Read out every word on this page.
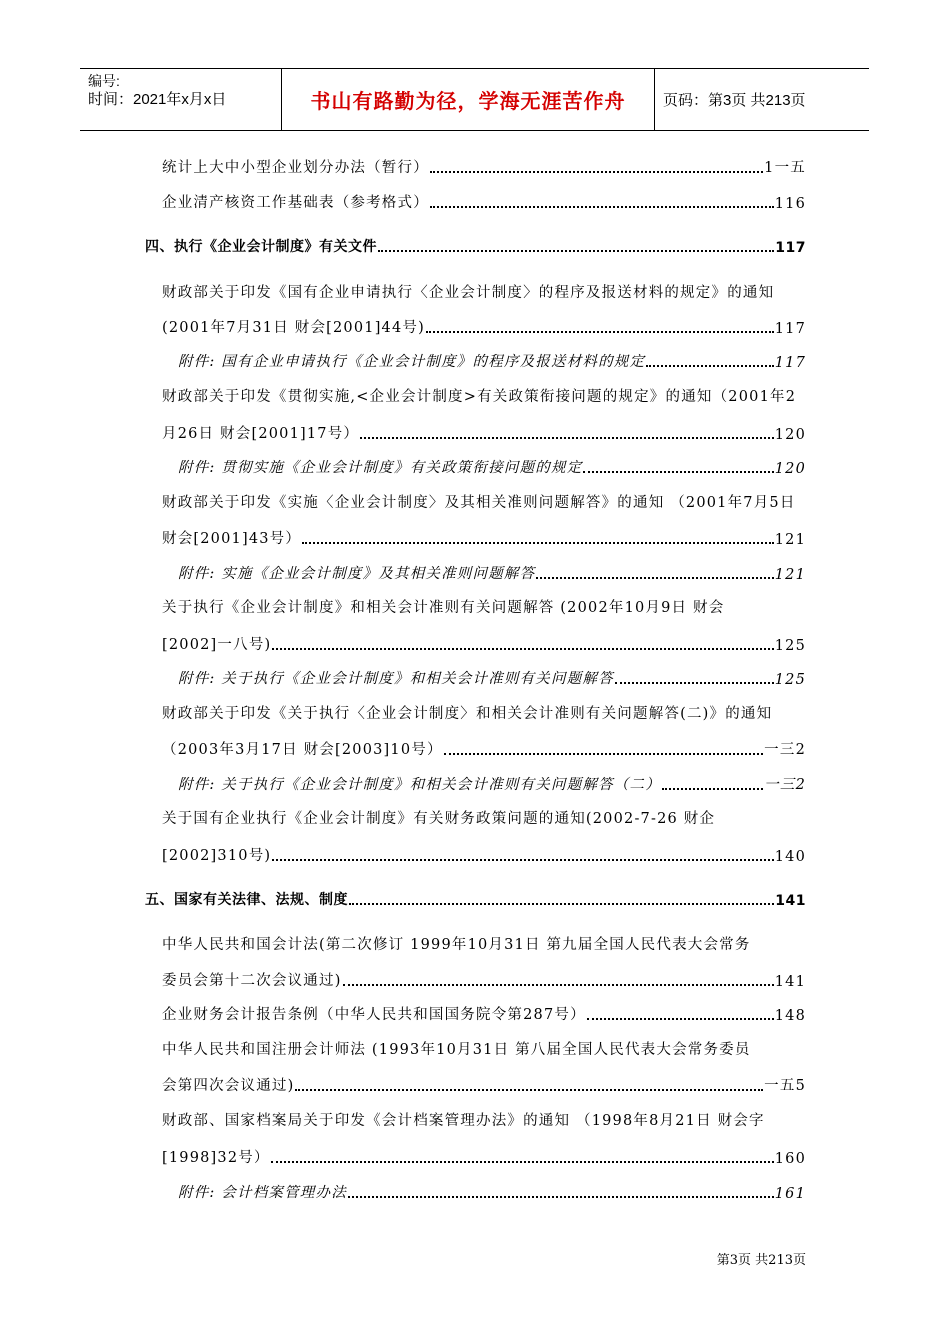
编号:
时间：2021年x月x日	书山有路勤为径，学海无涯苦作舟	页码：第3页 共213页
统计上大中小型企业划分办法（暂行）	1一五
企业清产核资工作基础表（参考格式）	116
四、执行《企业会计制度》有关文件	117
财政部关于印发《国有企业申请执行〈企业会计制度〉的程序及报送材料的规定》的通知
(2001年7月31日 财会[2001]44号)	117
附件: 国有企业申请执行《企业会计制度》的程序及报送材料的规定	117
财政部关于印发《贯彻实施,<企业会计制度>有关政策衔接问题的规定》的通知（2001年2
月26日 财会[2001]17号）	120
附件: 贯彻实施《企业会计制度》有关政策衔接问题的规定	120
财政部关于印发《实施〈企业会计制度〉及其相关准则问题解答》的通知 （2001年7月5日
财会[2001]43号）	121
附件: 实施《企业会计制度》及其相关准则问题解答	121
关于执行《企业会计制度》和相关会计准则有关问题解答 (2002年10月9日 财会
[2002]一八号)	125
附件: 关于执行《企业会计制度》和相关会计准则有关问题解答	125
财政部关于印发《关于执行〈企业会计制度〉和相关会计准则有关问题解答(二)》的通知
（2003年3月17日 财会[2003]10号）	一三2
附件: 关于执行《企业会计制度》和相关会计准则有关问题解答（二）	一三2
关于国有企业执行《企业会计制度》有关财务政策问题的通知(2002-7-26 财企
[2002]310号)	140
五、国家有关法律、法规、制度	141
中华人民共和国会计法(第二次修订 1999年10月31日 第九届全国人民代表大会常务
委员会第十二次会议通过)	141
企业财务会计报告条例（中华人民共和国国务院令第287号）	148
中华人民共和国注册会计师法 (1993年10月31日 第八届全国人民代表大会常务委员
会第四次会议通过)	一五5
财政部、国家档案局关于印发《会计档案管理办法》的通知 （1998年8月21日 财会字
[1998]32号）	160
附件: 会计档案管理办法	161
第3页 共213页
